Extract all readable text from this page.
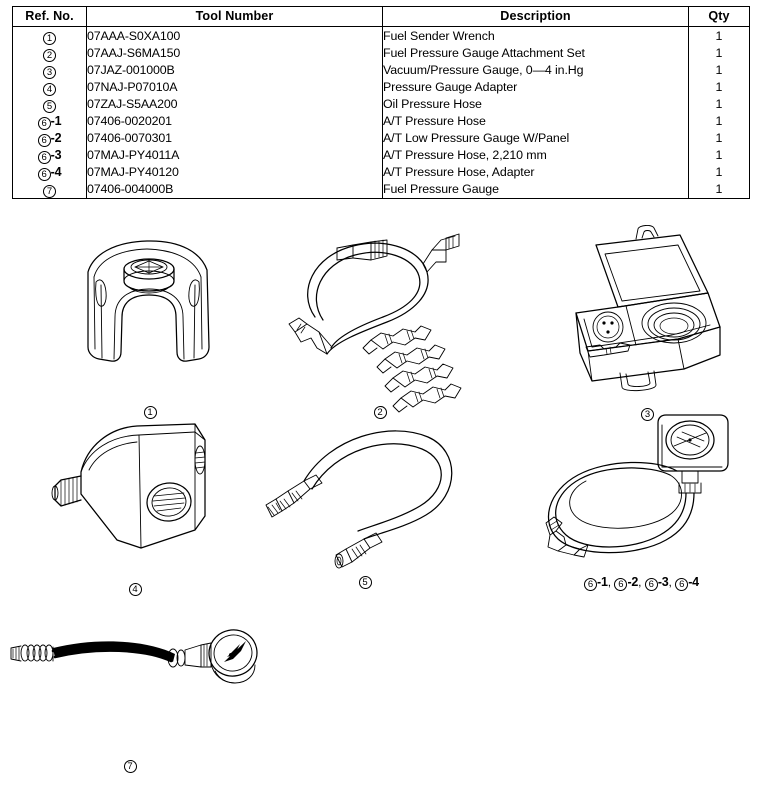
Ref. No.	Tool Number	Description	Qty
1	07AAA-S0XA100	Fuel Sender Wrench	1
2	07AAJ-S6MA150	Fuel Pressure Gauge Attachment Set	1
3	07JAZ-001000B	Vacuum/Pressure Gauge, 0—4 in.Hg	1
4	07NAJ-P07010A	Pressure Gauge Adapter	1
5	07ZAJ-S5AA200	Oil Pressure Hose	1
6 -1	07406-0020201	A/T Pressure Hose	1
6 -2	07406-0070301	A/T Low Pressure Gauge W/Panel	1
6 -3	07MAJ-PY4011A	A/T Pressure Hose, 2,210 mm	1
6 -4	07MAJ-PY40120	A/T Pressure Hose, Adapter	1
7	07406-004000B	Fuel Pressure Gauge	1
1	2	3
4
5	6 -1, 6 -2, 6 -3, 6 -4
7
